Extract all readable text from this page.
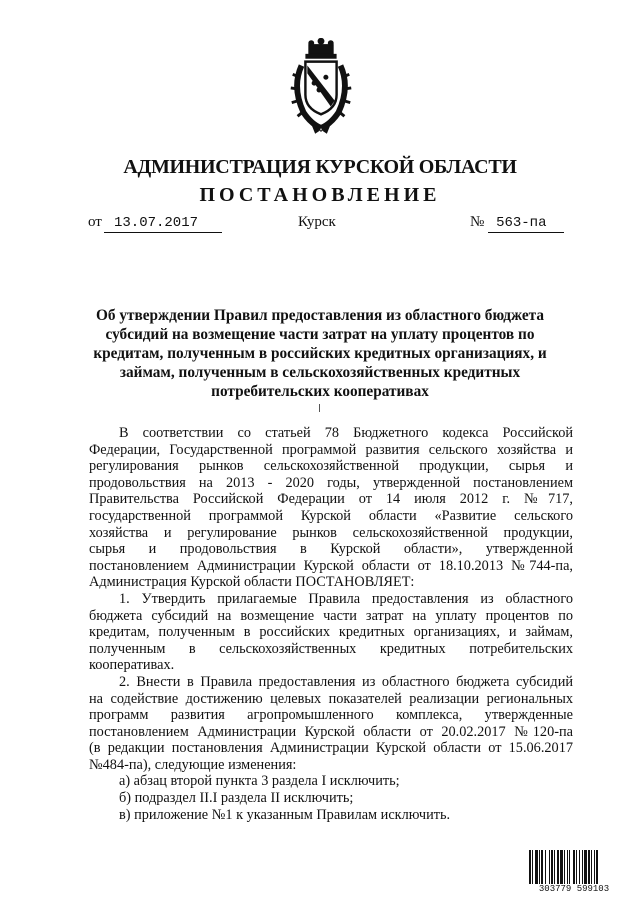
АДМИНИСТРАЦИЯ КУРСКОЙ ОБЛАСТИ
ПОСТАНОВЛЕНИЕ
от 13.07.2017	Курск	№ 563-па
Об утверждении Правил предоставления из областного бюджета
субсидий на возмещение части затрат на уплату процентов по
кредитам, полученным в российских кредитных организациях, и
займам, полученным в сельскохозяйственных кредитных
потребительских кооперативах
В соответствии со статьей 78 Бюджетного кодекса Российской
Федерации, Государственной программой развития сельского хозяйства и
регулирования рынков сельскохозяйственной продукции, сырья и
продовольствия на 2013 - 2020 годы, утвержденной постановлением
Правительства Российской Федерации от 14 июля 2012 г. №717,
государственной программой Курской области «Развитие сельского
хозяйства и регулирование рынков сельскохозяйственной продукции,
сырья и продовольствия в Курской области», утвержденной
постановлением Администрации Курской области от 18.10.2013 №744-па,
Администрация Курской области ПОСТАНОВЛЯЕТ:
1. Утвердить прилагаемые Правила предоставления из областного
бюджета субсидий на возмещение части затрат на уплату процентов по
кредитам, полученным в российских кредитных организациях, и займам,
полученным в сельскохозяйственных кредитных потребительских
кооперативах.
2. Внести в Правила предоставления из областного бюджета субсидий
на содействие достижению целевых показателей реализации региональных
программ развития агропромышленного комплекса, утвержденные
постановлением Администрации Курской области от 20.02.2017 №120-па
(в редакции постановления Администрации Курской области от 15.06.2017
№484-па), следующие изменения:
а) абзац второй пункта 3 раздела I исключить;
б) подраздел II.I раздела II исключить;
в) приложение №1 к указанным Правилам исключить.
303779 599103
